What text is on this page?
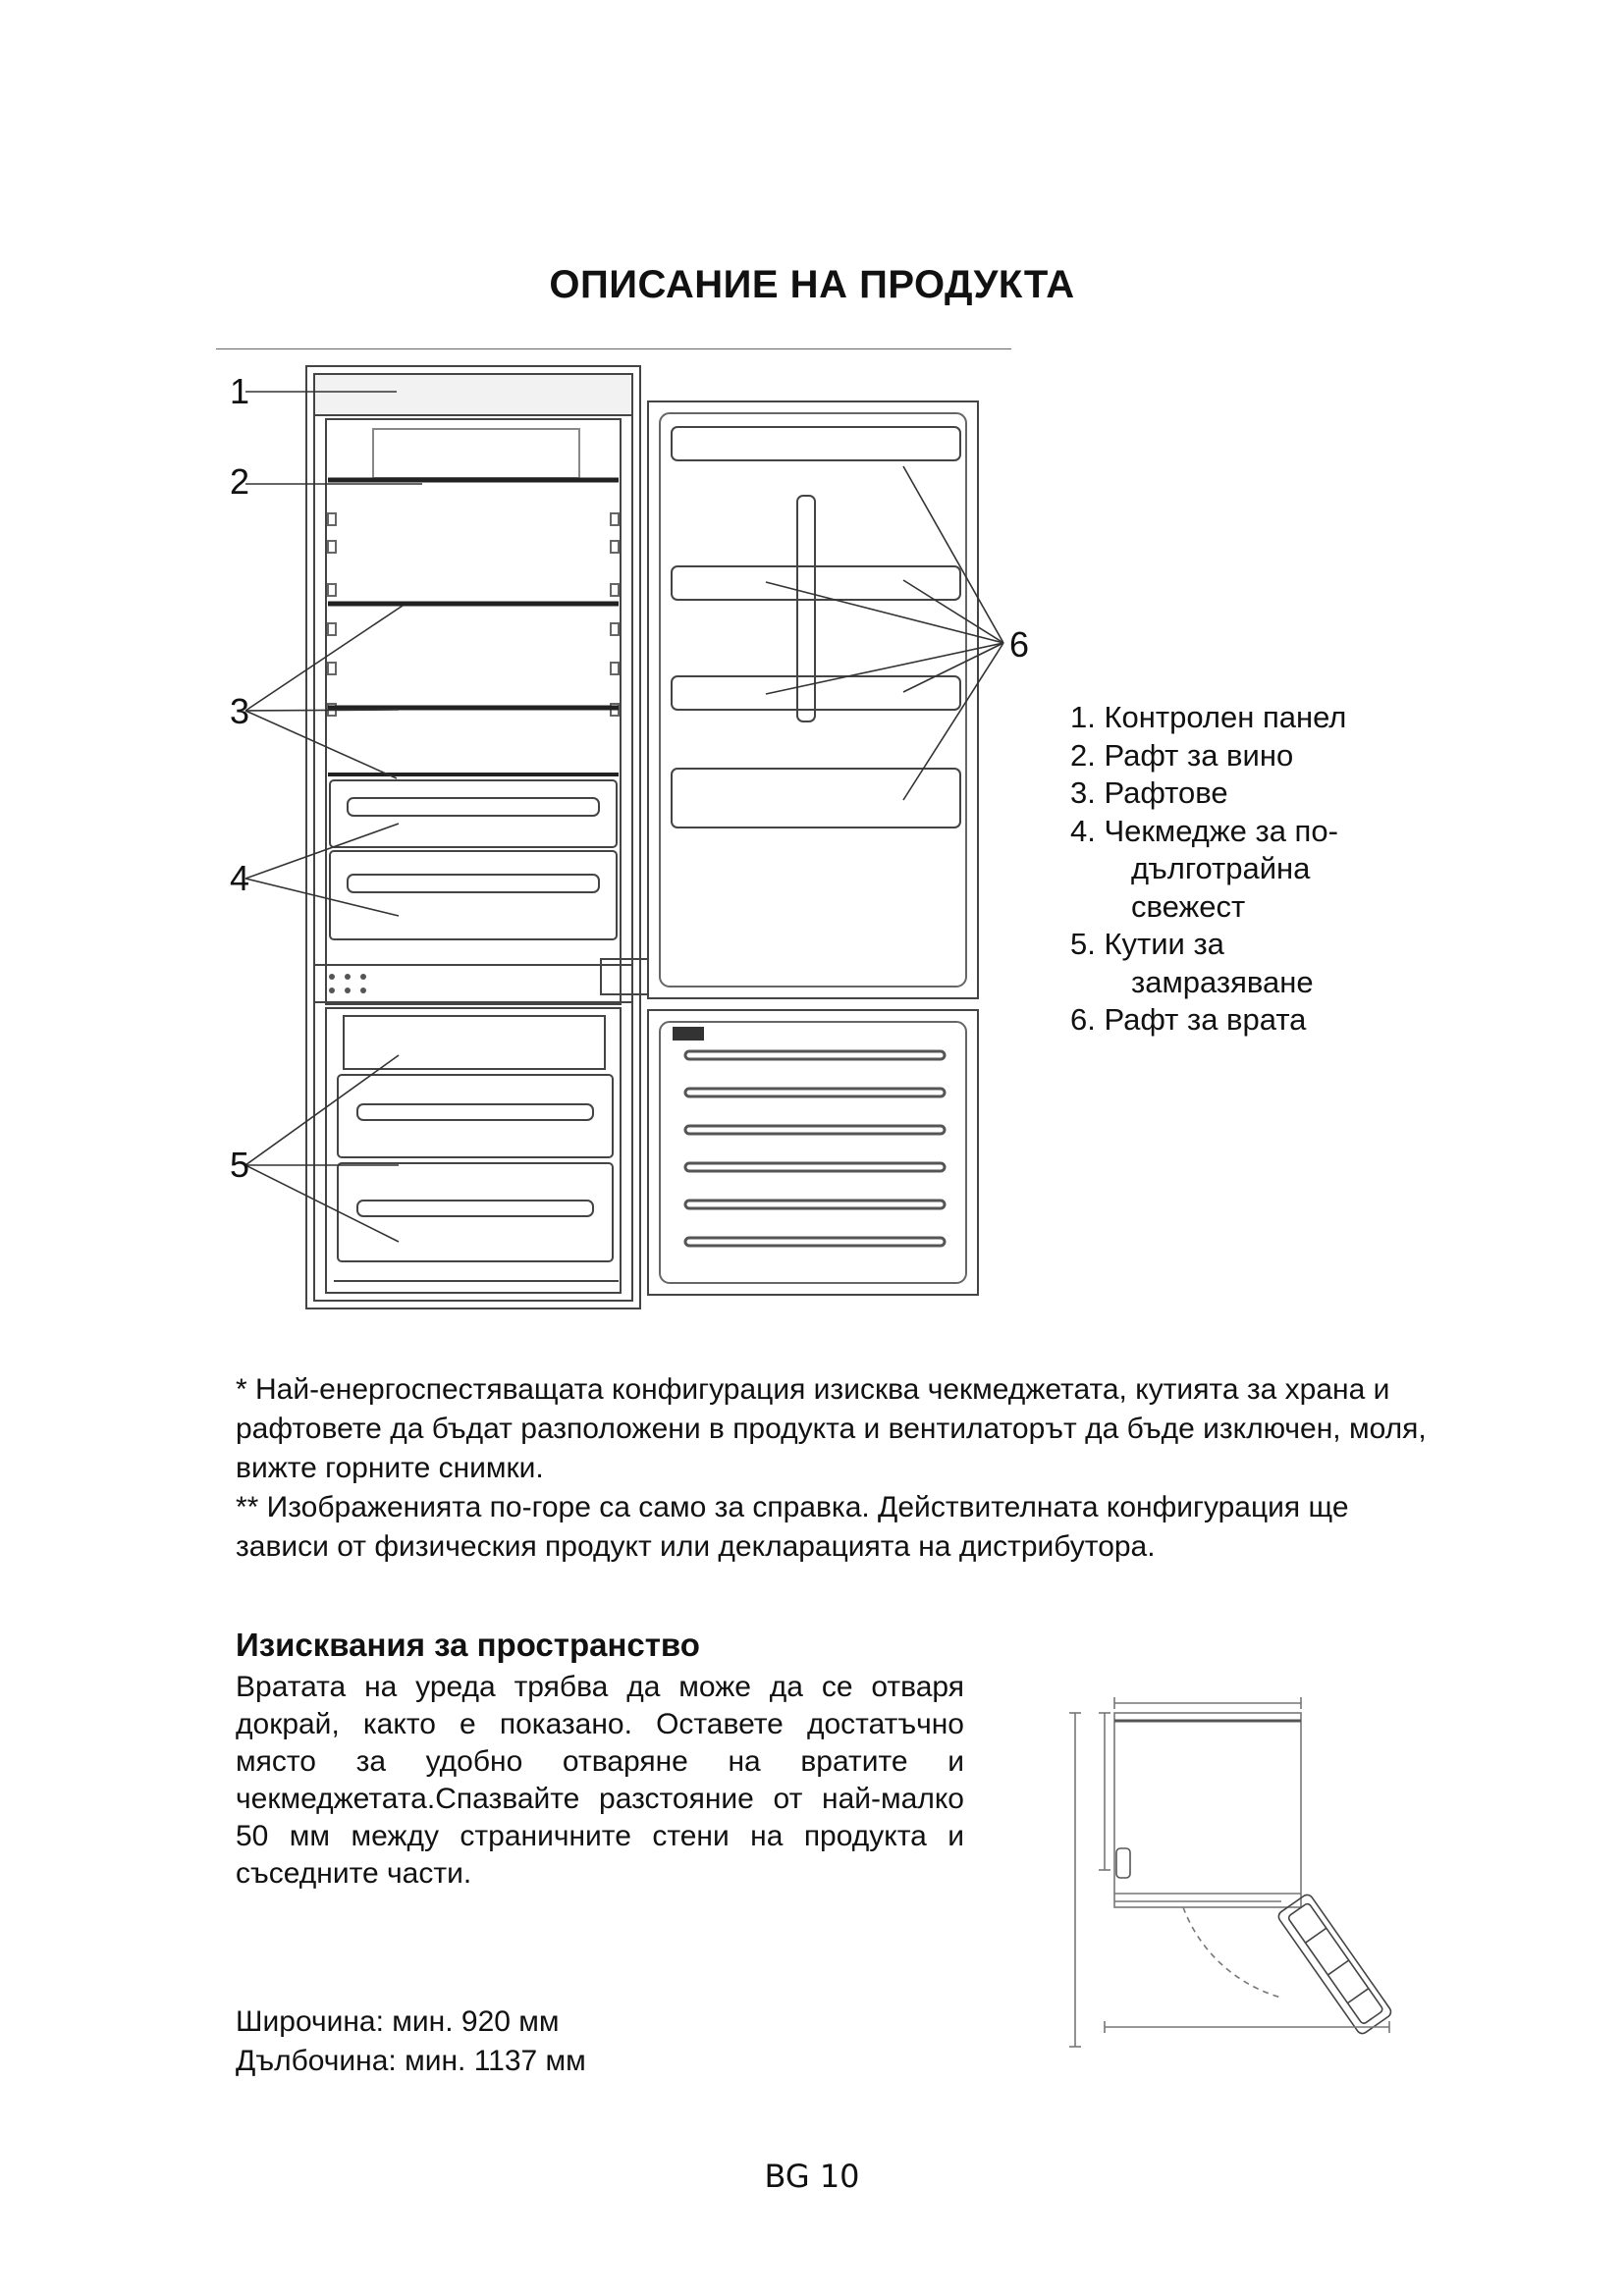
ОПИСАНИЕ НА ПРОДУКТА
1
2
3
4
5
6
1. Контролен панел
2. Рафт за вино
3. Рафтове
4. Чекмедже за по-
дълготрайна
свежест
5. Кутии за
замразяване
6. Рафт за врата

* Най-енергоспестяващата конфигурация изисква чекмеджетата, кутията за храна и рафтовете да бъдат разположени в продукта и вентилаторът да бъде изключен, моля, вижте горните снимки.

** Изображенията по-горе са само за справка. Действителната конфигурация ще зависи от физическия продукт или декларацията на дистрибутора.

Изисквания за пространство

Вратата на уреда трябва да може да се отваря докрай, както е показано. Оставете достатъчно място за удобно отваряне на вратите и чекмеджетата.Спазвайте разстояние от най-малко 50 мм между страничните стени на продукта и съседните части.

Широчина: мин. 920 мм
Дълбочина: мин. 1137 мм
BG 10
